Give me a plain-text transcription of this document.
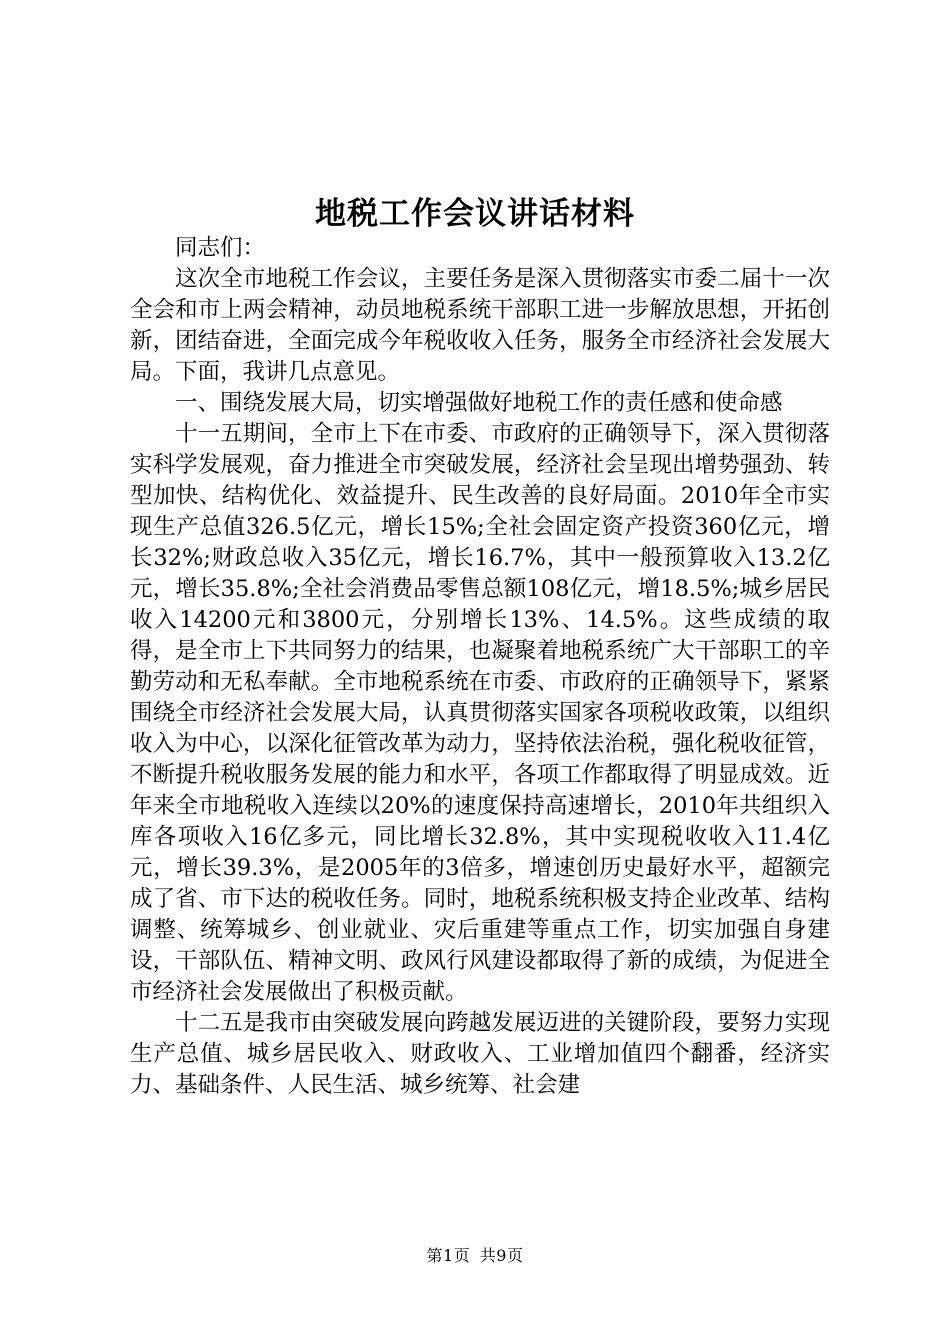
地税工作会议讲话材料

同志们：

这次全市地税工作会议，主要任务是深入贯彻落实市委二届十一次全会和市上两会精神，动员地税系统干部职工进一步解放思想，开拓创新，团结奋进，全面完成今年税收收入任务，服务全市经济社会发展大局。下面，我讲几点意见。

一、围绕发展大局，切实增强做好地税工作的责任感和使命感

十一五期间，全市上下在市委、市政府的正确领导下，深入贯彻落实科学发展观，奋力推进全市突破发展，经济社会呈现出增势强劲、转型加快、结构优化、效益提升、民生改善的良好局面。2010年全市实现生产总值326.5亿元，增长15%;全社会固定资产投资360亿元，增长32%;财政总收入35亿元，增长16.7%，其中一般预算收入13.2亿元，增长35.8%;全社会消费品零售总额108亿元，增18.5%;城乡居民收入14200元和3800元，分别增长13%、14.5%。这些成绩的取得，是全市上下共同努力的结果，也凝聚着地税系统广大干部职工的辛勤劳动和无私奉献。全市地税系统在市委、市政府的正确领导下，紧紧围绕全市经济社会发展大局，认真贯彻落实国家各项税收政策，以组织收入为中心，以深化征管改革为动力，坚持依法治税，强化税收征管，不断提升税收服务发展的能力和水平，各项工作都取得了明显成效。近年来全市地税收入连续以20%的速度保持高速增长，2010年共组织入库各项收入16亿多元，同比增长32.8%，其中实现税收收入11.4亿元，增长39.3%，是2005年的3倍多，增速创历史最好水平，超额完成了省、市下达的税收任务。同时，地税系统积极支持企业改革、结构调整、统筹城乡、创业就业、灾后重建等重点工作，切实加强自身建设，干部队伍、精神文明、政风行风建设都取得了新的成绩，为促进全市经济社会发展做出了积极贡献。

十二五是我市由突破发展向跨越发展迈进的关键阶段，要努力实现生产总值、城乡居民收入、财政收入、工业增加值四个翻番，经济实力、基础条件、人民生活、城乡统筹、社会建

第1页 共9页
